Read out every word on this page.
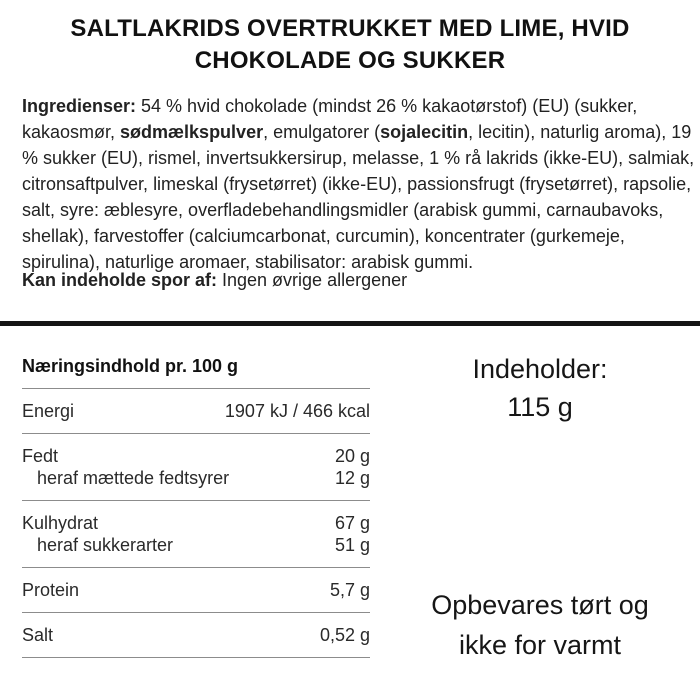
SALTLAKRIDS OVERTRUKKET MED LIME, HVID
CHOKOLADE OG SUKKER
Ingredienser: 54 % hvid chokolade (mindst 26 % kakaotørstof) (EU) (sukker,
kakaosmør, sødmælkspulver, emulgatorer (sojalecitin, lecitin), naturlig aroma), 19
% sukker (EU), rismel, invertsukkersirup, melasse, 1 % rå lakrids (ikke-EU), salmiak,
citronsaftpulver, limeskal (frysetørret) (ikke-EU), passionsfrugt (frysetørret), rapsolie,
salt, syre: æblesyre, overfladebehandlingsmidler (arabisk gummi, carnaubavoks,
shellak), farvestoffer (calciumcarbonat, curcumin), koncentrater (gurkemeje,
spirulina), naturlige aromaer, stabilisator: arabisk gummi.
Kan indeholde spor af: Ingen øvrige allergener
Næringsindhold pr. 100 g
Energi	1907 kJ / 466 kcal
Fedt	20 g
heraf mættede fedtsyrer	12 g
Kulhydrat	67 g
heraf sukkerarter	51 g
Protein	5,7 g
Salt	0,52 g
Indeholder:
115 g
Opbevares tørt og
ikke for varmt
